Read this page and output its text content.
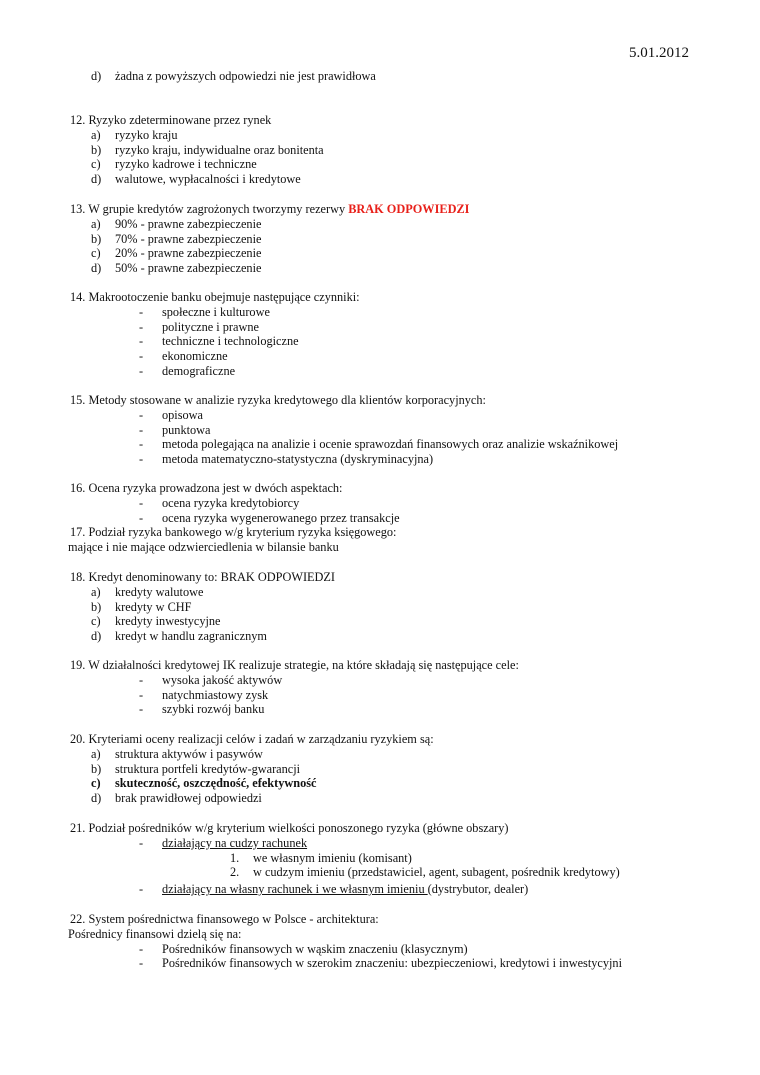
5.01.2012
d) żadna z powyższych odpowiedzi nie jest prawidłowa
12. Ryzyko zdeterminowane przez rynek
a) ryzyko kraju
b) ryzyko kraju, indywidualne oraz bonitenta
c) ryzyko kadrowe i techniczne
d) walutowe, wypłacalności i kredytowe
13. W grupie kredytów zagrożonych tworzymy rezerwy BRAK ODPOWIEDZI
a) 90% - prawne zabezpieczenie
b) 70% - prawne zabezpieczenie
c) 20% - prawne zabezpieczenie
d) 50% - prawne zabezpieczenie
14. Makrootoczenie banku obejmuje następujące czynniki:
- społeczne i kulturowe
- polityczne i prawne
- techniczne i technologiczne
- ekonomiczne
- demograficzne
15. Metody stosowane w analizie ryzyka kredytowego dla klientów korporacyjnych:
- opisowa
- punktowa
- metoda polegająca na analizie i ocenie sprawozdań finansowych oraz analizie wskaźnikowej
- metoda matematyczno-statystyczna (dyskryminacyjna)
16. Ocena ryzyka prowadzona jest w dwóch aspektach:
- ocena ryzyka kredytobiorcy
- ocena ryzyka wygenerowanego przez transakcje
17. Podział ryzyka bankowego w/g kryterium ryzyka księgowego:
mające i nie mające odzwierciedlenia w bilansie banku
18. Kredyt denominowany to: BRAK ODPOWIEDZI
a) kredyty walutowe
b) kredyty w CHF
c) kredyty inwestycyjne
d) kredyt w handlu zagranicznym
19. W działalności kredytowej IK realizuje strategie, na które składają się następujące cele:
- wysoka jakość aktywów
- natychmiastowy zysk
- szybki rozwój banku
20. Kryteriami oceny realizacji celów i zadań w zarządzaniu ryzykiem są:
a) struktura aktywów i pasywów
b) struktura portfeli kredytów-gwarancji
c) skuteczność, oszczędność, efektywność
d) brak prawidłowej odpowiedzi
21. Podział pośredników w/g kryterium wielkości ponoszonego ryzyka (główne obszary)
- działający na cudzy rachunek
1. we własnym imieniu (komisant)
2. w cudzym imieniu (przedstawiciel, agent, subagent, pośrednik kredytowy)
- działający na własny rachunek i we własnym imieniu (dystrybutor, dealer)
22. System pośrednictwa finansowego w Polsce - architektura:
Pośrednicy finansowi dzielą się na:
- Pośredników finansowych w wąskim znaczeniu (klasycznym)
- Pośredników finansowych w szerokim znaczeniu: ubezpieczeniowi, kredytowi i inwestycyjni
